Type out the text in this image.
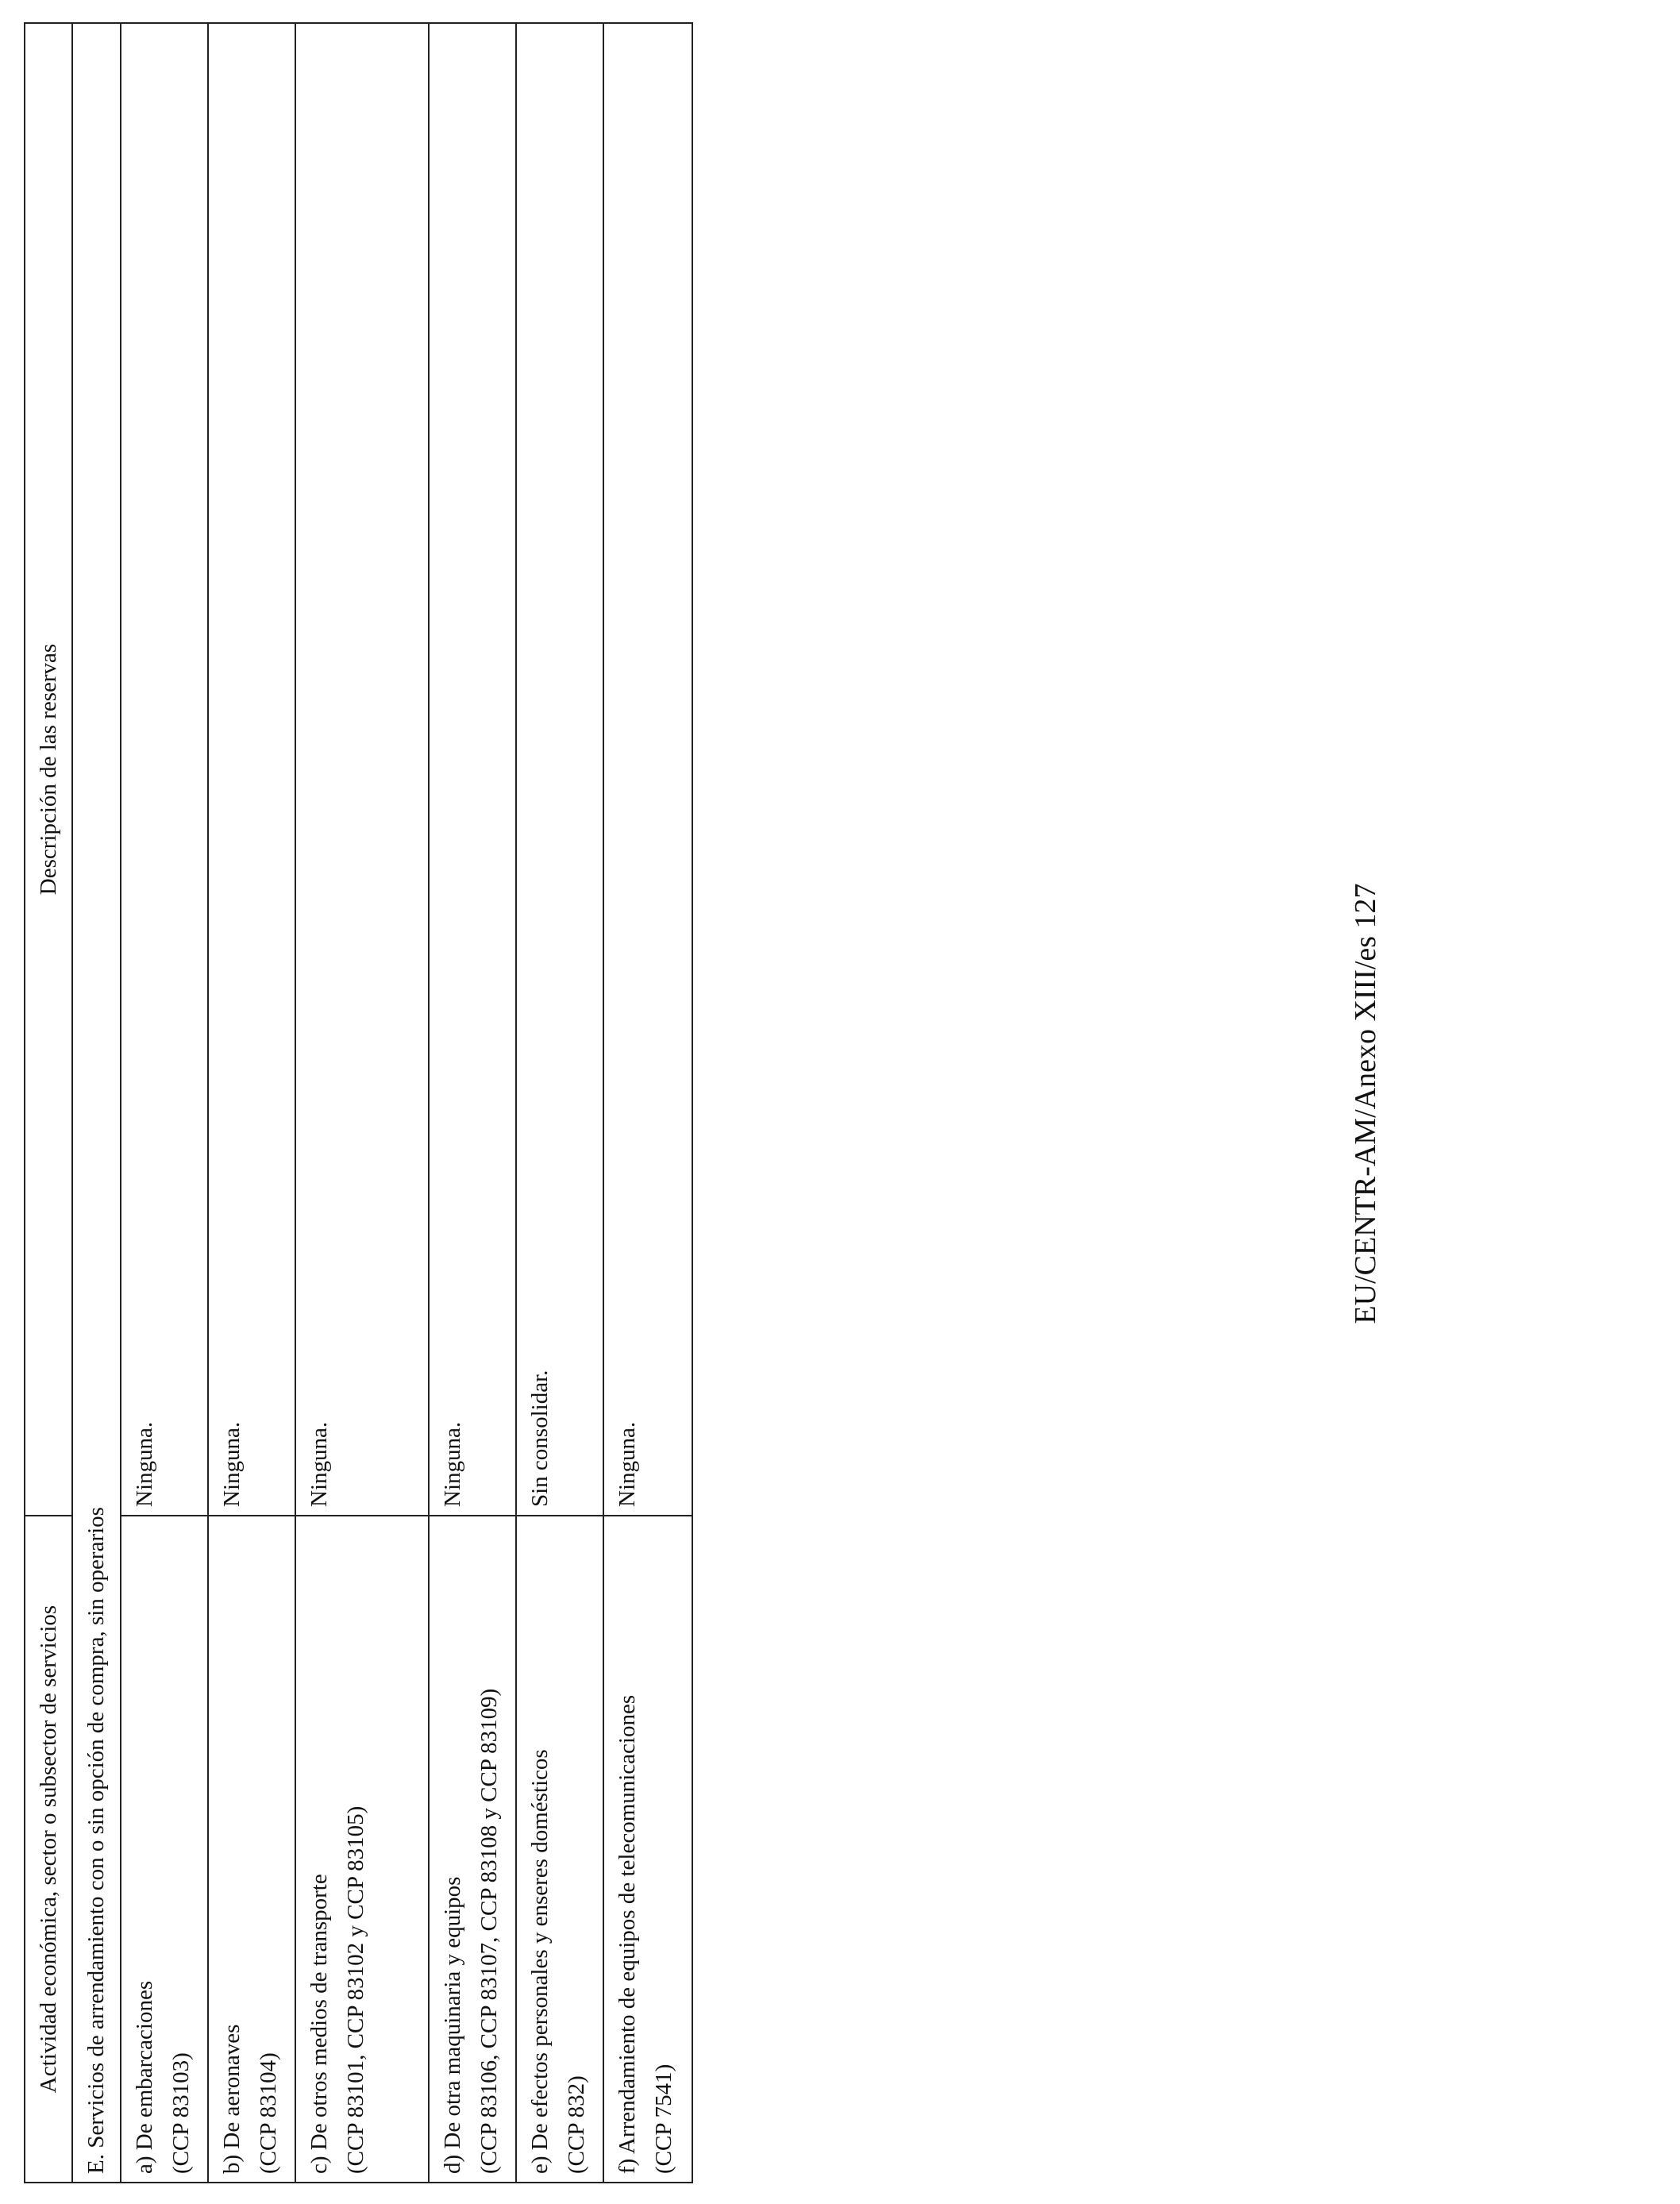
Actividad económica, sector o subsector de servicios	Descripción de las reservas
E. Servicios de arrendamiento con o sin opción de compra, sin operarios	

a) De embarcaciones (CCP 83103)	Ninguna.

b) De aeronaves (CCP 83104)	Ninguna.

c) De otros medios de transporte (CCP 83101, CCP 83102 y CCP 83105)	Ninguna.

d) De otra maquinaria y equipos (CCP 83106, CCP 83107, CCP 83108 y CCP 83109)	Ninguna.

e) De efectos personales y enseres domésticos (CCP 832)	Sin consolidar.

f) Arrendamiento de equipos de telecomunicaciones (CCP 7541)	Ninguna.
EU/CENTR-AM/Anexo XIII/es 127
